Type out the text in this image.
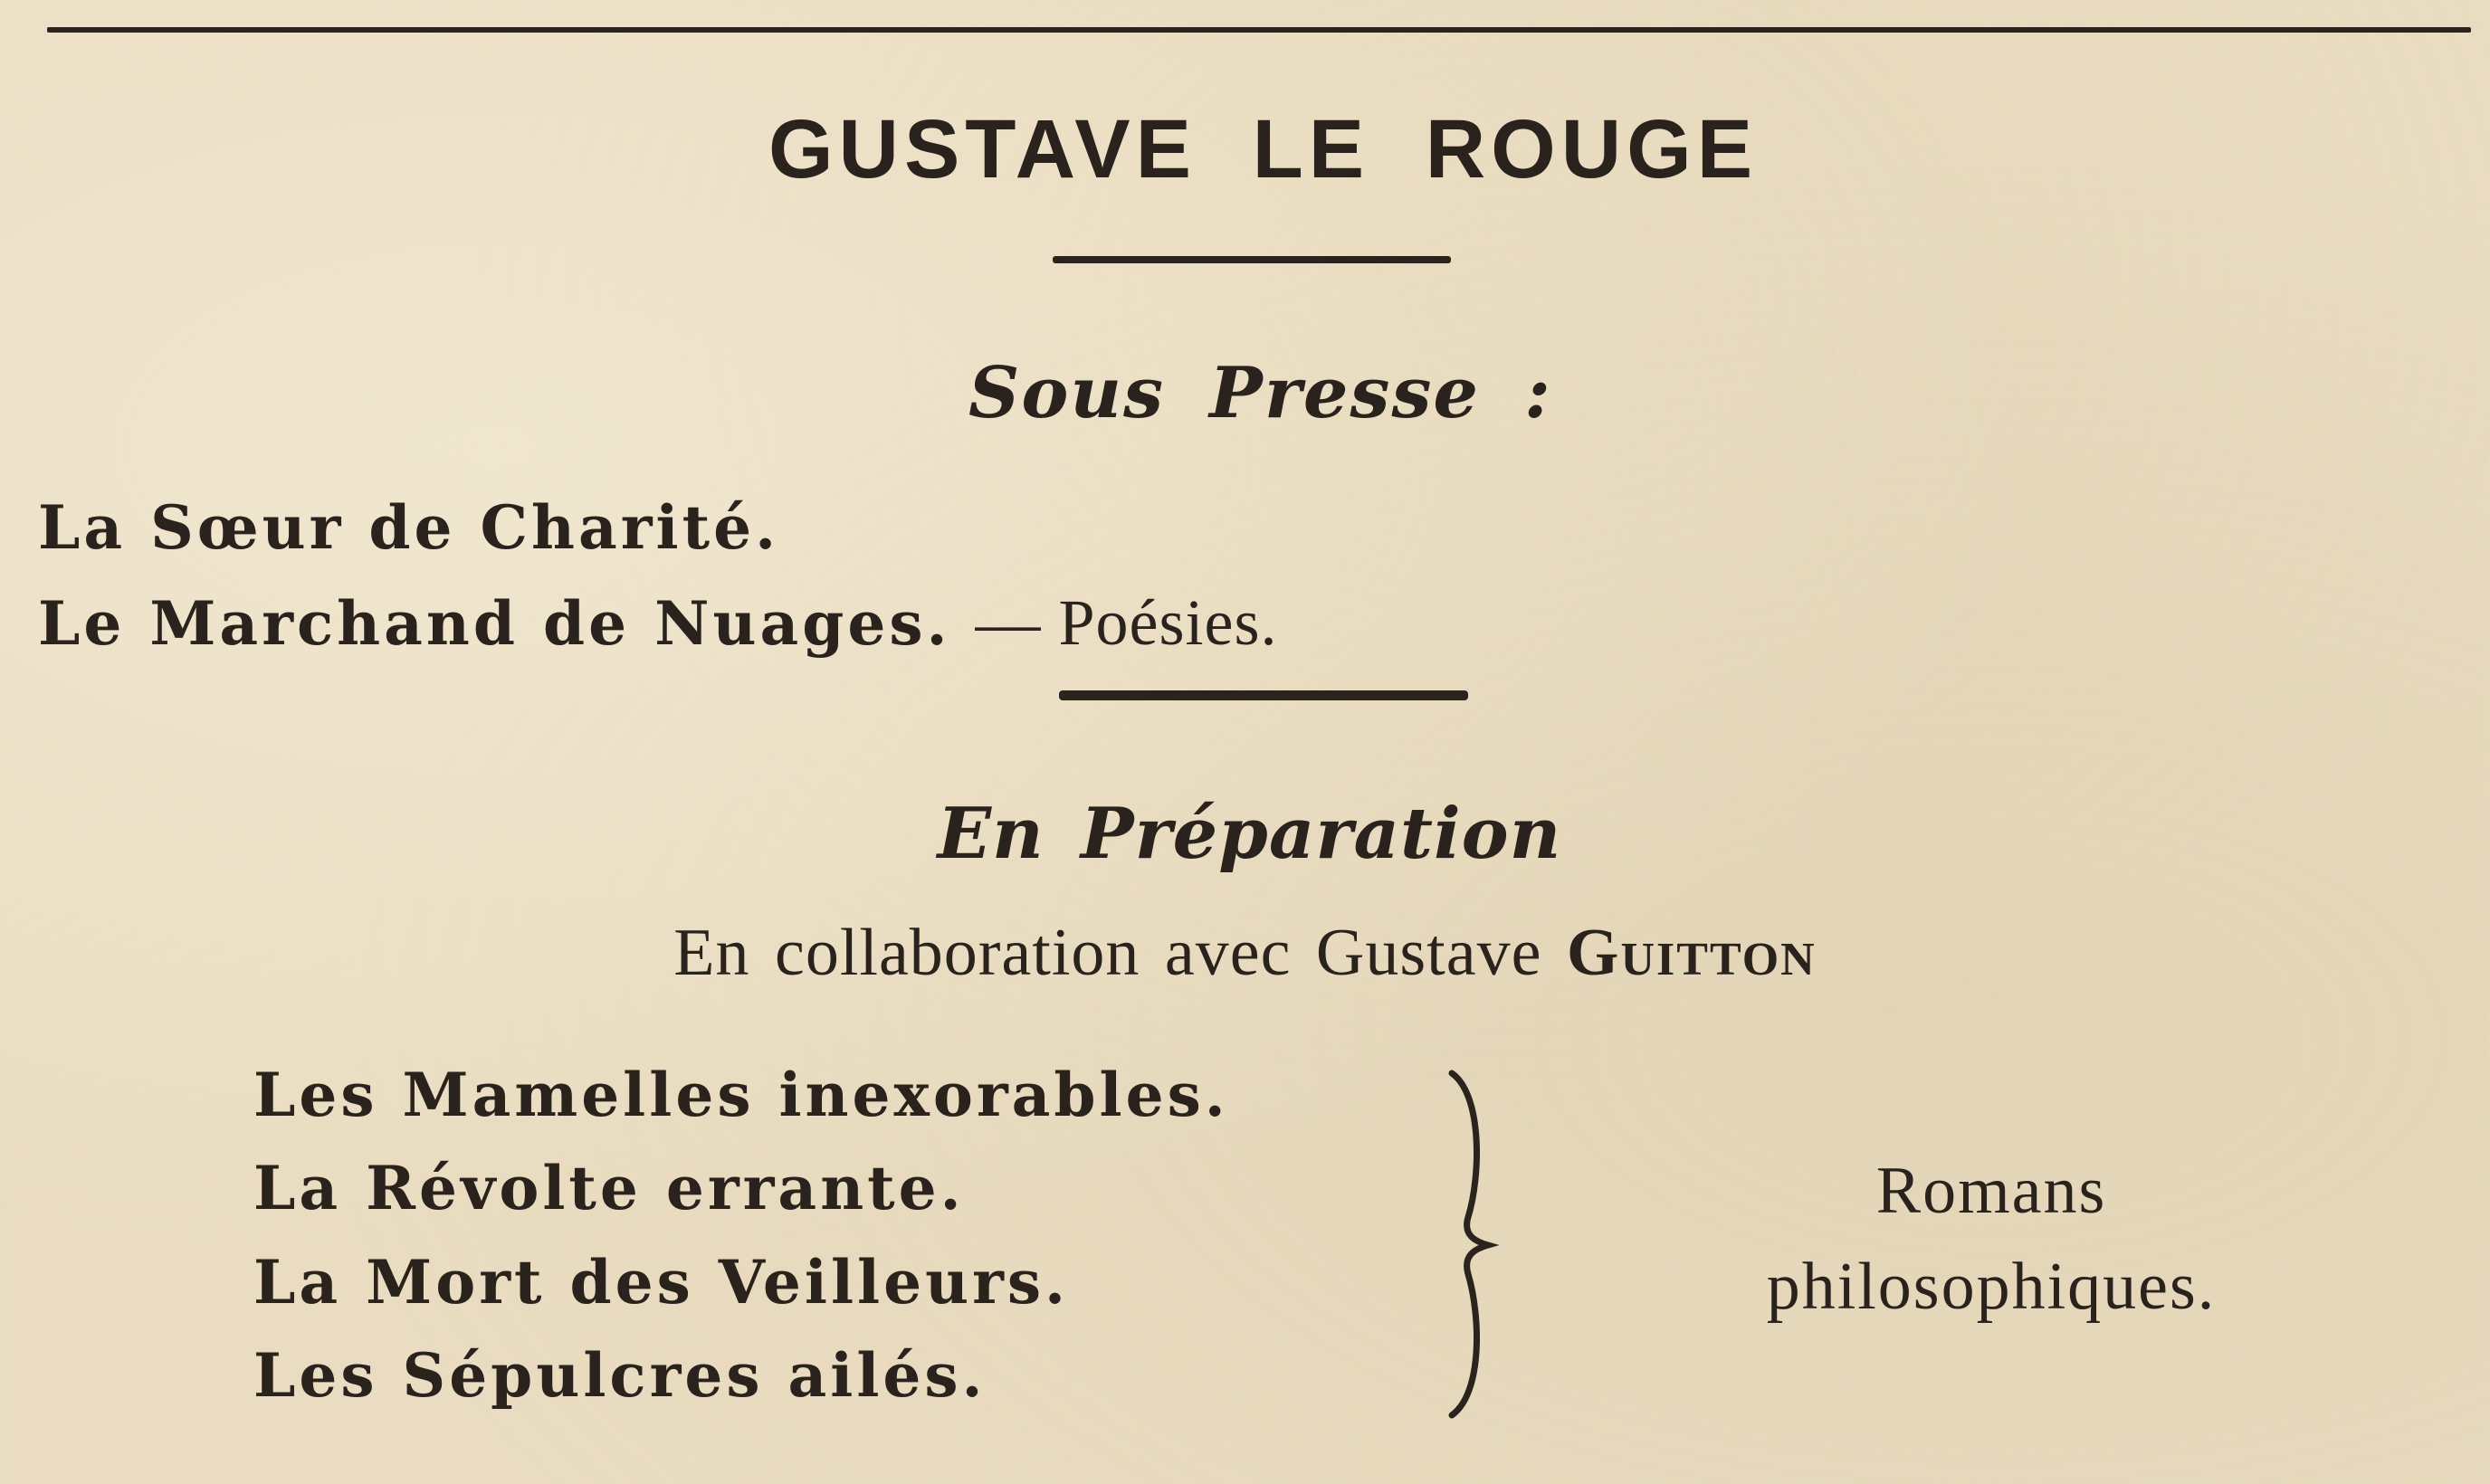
GUSTAVE LE ROUGE
Sous Presse :
La Sœur de Charité.
Le Marchand de Nuages. — Poésies.
En Préparation
En collaboration avec Gustave Guitton
Les Mamelles inexorables.
La Révolte errante.
La Mort des Veilleurs.
Les Sépulcres ailés.
Romans
philosophiques.
